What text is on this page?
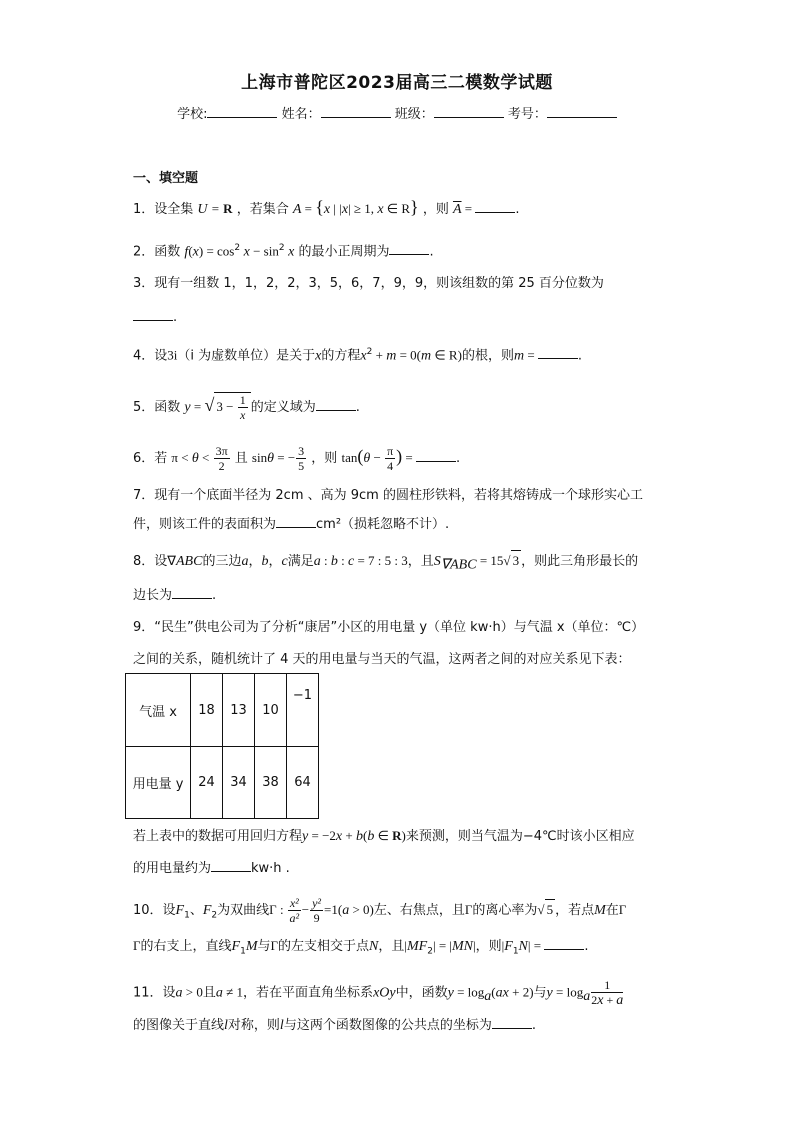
上海市普陀区2023届高三二模数学试题
学校:	姓名：	班级：	考号：
一、填空题
1．设全集 U = R ，若集合 A = {x | |x| ≥ 1, x ∈ R} ，则 $\overline{A}$ =	.
2．函数 $f(x) = \cos^2 x - \sin^2 x$ 的最小正周期为	.
3．现有一组数 1，1，2，2，3，5，6，7，9，9，则该组数的第 25 百分位数为
.
4．设3i（i 为虚数单位）是关于x的方程$x^2 + m = 0(m$ ∈ R)的根，则m =	.
5．函数 y = √ $3 - \frac{1}{x}$ 的定义域为	.
6．若 $\pi < \theta < \frac{3\pi}{2}$ 且 sinθ = − $\frac{3}{5}$ ，则 $\tan(\theta - \frac{\pi}{4}$ ) =	.
7．现有一个底面半径为 2cm 、高为 9cm 的圆柱形铁料，若将其熔铸成一个球形实心工
件，则该工件的表面积为	cm²（损耗忽略不计）.
8．设∇ABC的三边a，b，c满足a : b : c = 7 : 5 : 3，且$S_{\nabla ABC} = 15√$ 3 ，则此三角形最长的
边长为	.
9．“民生”供电公司为了分析“康居”小区的用电量 y（单位 kw·h）与气温 x（单位：℃）
之间的关系，随机统计了 4 天的用电量与当天的气温，这两者之间的对应关系见下表：
气温 x	18	13	10	−1
用电量 y	24	34	38	64
若上表中的数据可用回归方程y = −2x + b(b ∈ R)来预测，则当气温为−4℃时该小区相应
的用电量约为	kw·h .
10．设$F_1$、$F_2$为双曲线Γ : $\frac{\text{x²}}{\text{a²}} - \frac{\text{y²}}{9} =1(a > 0)$左、右焦点，且Γ的离心率为√ 5 ，若点M在Γ
Γ的右支上，直线$F_1M$与Γ的左支相交于点N，且$|MF_2| = |MN|$，则$|F_1N|$ =	.
11．设a > 0且a ≠ 1，若在平面直角坐标系xOy中，函数$y = \log_a(ax + 2)$与$y = \log_a \frac{1}{2x + a}$
的图像关于直线l对称，则l与这两个函数图像的公共点的坐标为	.
